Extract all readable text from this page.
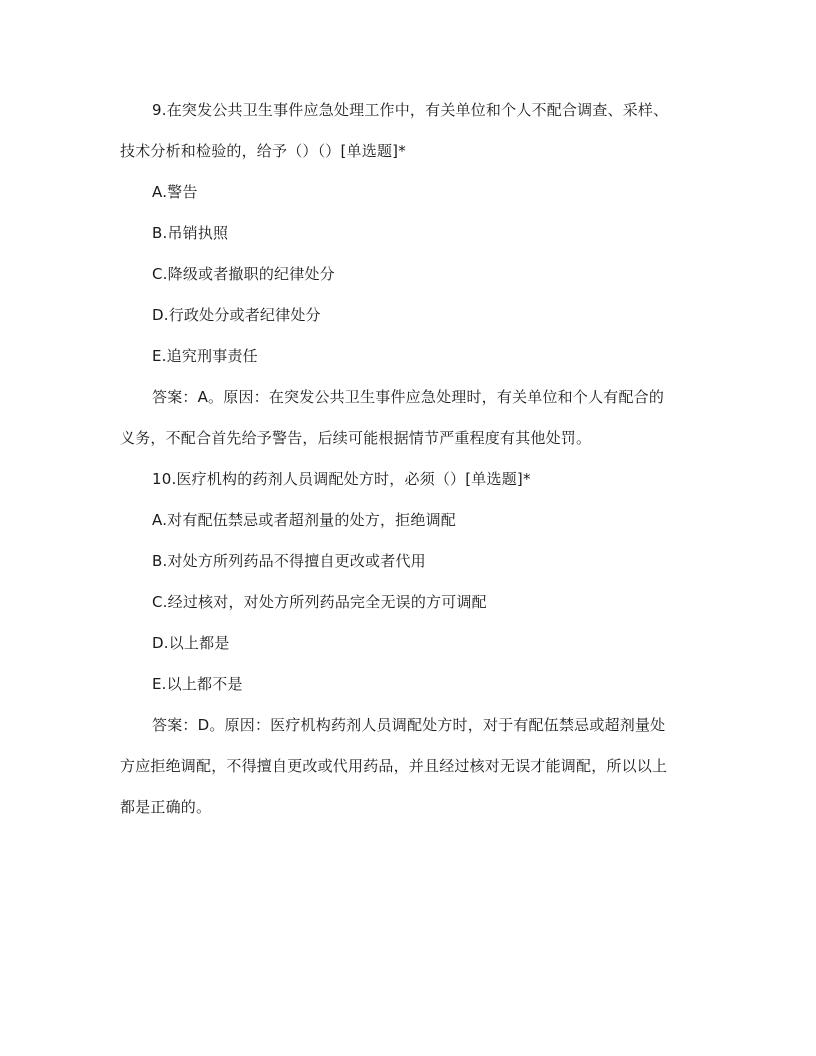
9.在突发公共卫生事件应急处理工作中，有关单位和个人不配合调查、采样、
技术分析和检验的，给予（）（）[单选题]*
A.警告
B.吊销执照
C.降级或者撤职的纪律处分
D.行政处分或者纪律处分
E.追究刑事责任
答案：A。原因：在突发公共卫生事件应急处理时，有关单位和个人有配合的
义务，不配合首先给予警告，后续可能根据情节严重程度有其他处罚。
10.医疗机构的药剂人员调配处方时，必须（）[单选题]*
A.对有配伍禁忌或者超剂量的处方，拒绝调配
B.对处方所列药品不得擅自更改或者代用
C.经过核对，对处方所列药品完全无误的方可调配
D.以上都是
E.以上都不是
答案：D。原因：医疗机构药剂人员调配处方时，对于有配伍禁忌或超剂量处
方应拒绝调配，不得擅自更改或代用药品，并且经过核对无误才能调配，所以以上
都是正确的。
